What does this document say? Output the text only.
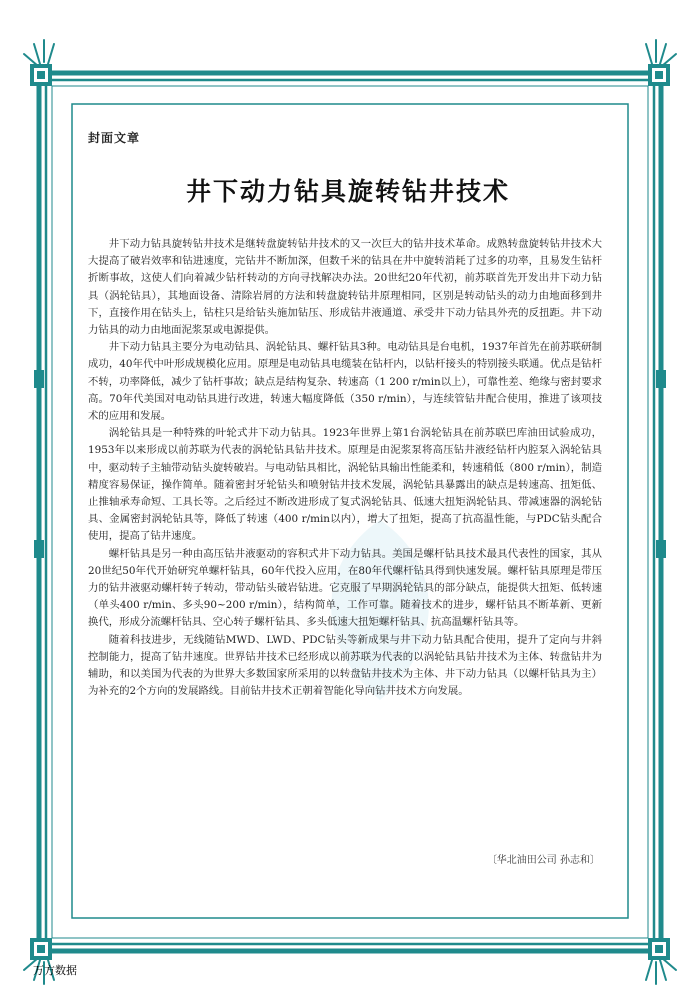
封面文章
井下动力钻具旋转钻井技术

井下动力钻具旋转钻井技术是继转盘旋转钻井技术的又一次巨大的钻井技术革命。成熟转盘旋转钻井技术大大提高了破岩效率和钻进速度，完钻井不断加深，但数千米的钻具在井中旋转消耗了过多的功率，且易发生钻杆折断事故，这使人们向着减少钻杆转动的方向寻找解决办法。20世纪20年代初，前苏联首先开发出井下动力钻具（涡轮钻具），其地面设备、清除岩屑的方法和转盘旋转钻井原理相同，区别是转动钻头的动力由地面移到井下，直接作用在钻头上，钻柱只是给钻头施加钻压、形成钻井液通道、承受井下动力钻具外壳的反扭距。井下动力钻具的动力由地面泥浆泵或电源提供。

井下动力钻具主要分为电动钻具、涡轮钻具、螺杆钻具3种。电动钻具是台电机，1937年首先在前苏联研制成功，40年代中叶形成规模化应用。原理是电动钻具电缆装在钻杆内，以钻杆接头的特别接头联通。优点是钻杆不转，功率降低，减少了钻杆事故；缺点是结构复杂、转速高（1 200 r/min以上），可靠性差、绝缘与密封要求高。70年代美国对电动钻具进行改进，转速大幅度降低（350 r/min），与连续管钻井配合使用，推进了该项技术的应用和发展。

涡轮钻具是一种特殊的叶轮式井下动力钻具。1923年世界上第1台涡轮钻具在前苏联巴库油田试验成功，1953年以来形成以前苏联为代表的涡轮钻具钻井技术。原理是由泥浆泵将高压钻井液经钻杆内腔泵入涡轮钻具中，驱动转子主轴带动钻头旋转破岩。与电动钻具相比，涡轮钻具输出性能柔和，转速稍低（800 r/min），制造精度容易保证，操作简单。随着密封牙轮钻头和喷射钻井技术发展，涡轮钻具暴露出的缺点是转速高、扭矩低、止推轴承寿命短、工具长等。之后经过不断改进形成了复式涡轮钻具、低速大扭矩涡轮钻具、带减速器的涡轮钻具、金属密封涡轮钻具等，降低了转速（400 r/min以内），增大了扭矩，提高了抗高温性能，与PDC钻头配合使用，提高了钻井速度。

螺杆钻具是另一种由高压钻井液驱动的容积式井下动力钻具。美国是螺杆钻具技术最具代表性的国家，其从20世纪50年代开始研究单螺杆钻具，60年代投入应用，在80年代螺杆钻具得到快速发展。螺杆钻具原理是带压力的钻井液驱动螺杆转子转动，带动钻头破岩钻进。它克服了早期涡轮钻具的部分缺点，能提供大扭矩、低转速（单头400 r/min、多头90~200 r/min），结构简单，工作可靠。随着技术的进步，螺杆钻具不断革新、更新换代，形成分流螺杆钻具、空心转子螺杆钻具、多头低速大扭矩螺杆钻具、抗高温螺杆钻具等。

随着科技进步，无线随钻MWD、LWD、PDC钻头等新成果与井下动力钻具配合使用，提升了定向与井斜控制能力，提高了钻井速度。世界钻井技术已经形成以前苏联为代表的以涡轮钻具钻井技术为主体、转盘钻井为辅助，和以美国为代表的为世界大多数国家所采用的以转盘钻井技术为主体、井下动力钻具（以螺杆钻具为主）为补充的2个方向的发展路线。目前钻井技术正朝着智能化导向钻井技术方向发展。

〔华北油田公司 孙志和〕
万方数据
